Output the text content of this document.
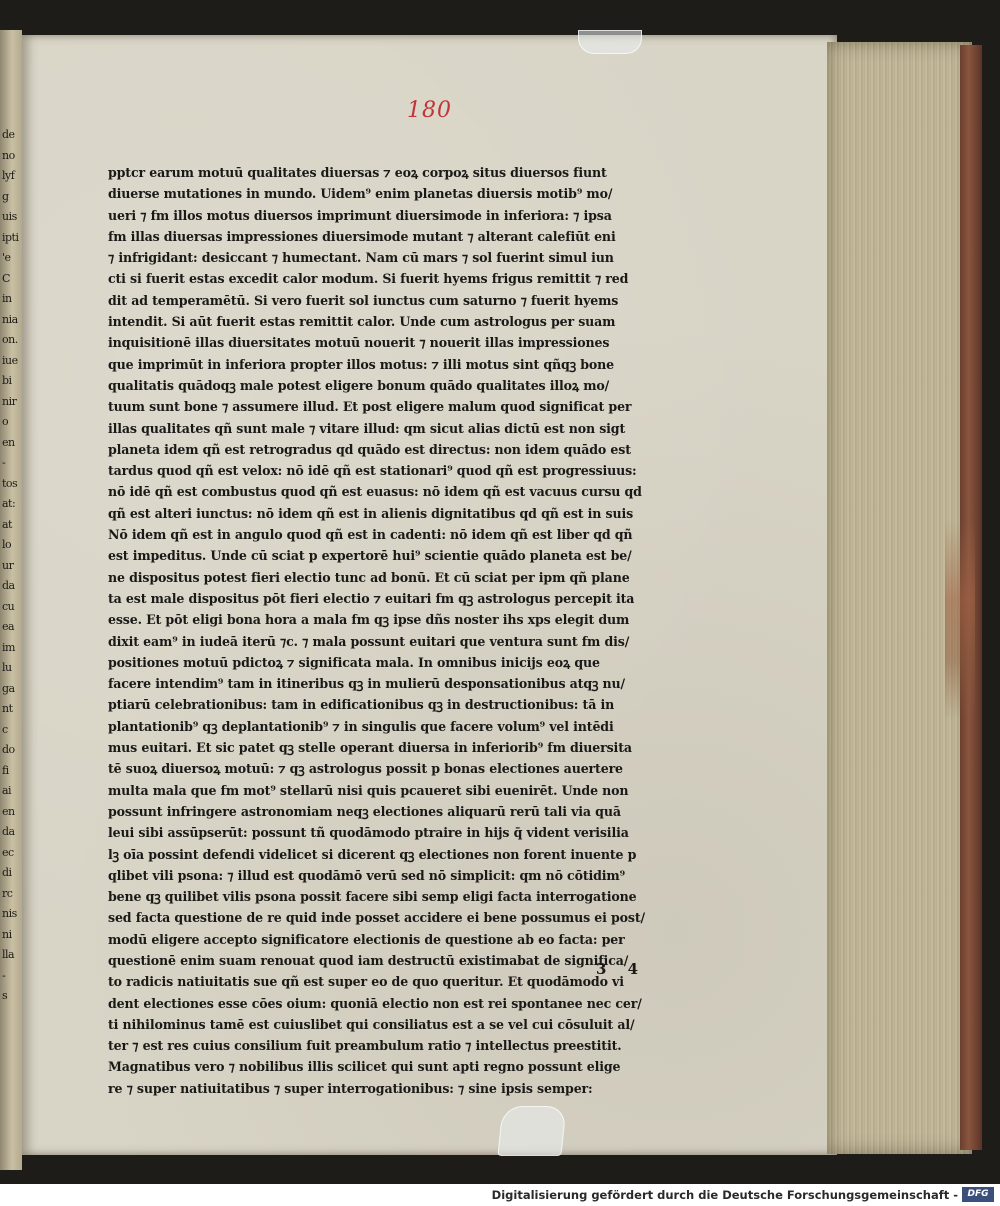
de
no
lyf
g
uis
ipti
'e
C
in
nia
on.
iue
bi
nir
o
en
-
tos
at:
at
lo
ur
da
cu
ea
im
lu
ga
nt
c
do
fi
ai
en
da
ec
di
rc
nis
ni
lla
-
s
180
pptcr earum motuū qualitates diuersas ⁊ eoꝝ corpoꝝ situs diuersos fiunt
diuerse mutationes in mundo. Uidem⁹ enim planetas diuersis motib⁹ mo/
ueri ⁊ fm illos motus diuersos imprimunt diuersimode in inferiora: ⁊ ipsa
fm illas diuersas impressiones diuersimode mutant ⁊ alterant calefiūt eni
⁊ infrigidant: desiccant ⁊ humectant. Nam cū mars ⁊ sol fuerint simul iun
cti si fuerit estas excedit calor modum. Si fuerit hyems frigus remittit ⁊ red
dit ad temperamētū. Si vero fuerit sol iunctus cum saturno ⁊ fuerit hyems
intendit. Si aūt fuerit estas remittit calor. Unde cum astrologus per suam
inquisitionē illas diuersitates motuū nouerit ⁊ nouerit illas impressiones
que imprimūt in inferiora propter illos motus: ⁊ illi motus sint qñqꝫ bone
qualitatis quādoqꝫ male potest eligere bonum quādo qualitates illoꝝ mo/
tuum sunt bone ⁊ assumere illud. Et post eligere malum quod significat per
illas qualitates qñ sunt male ⁊ vitare illud: qm sicut alias dictū est non sigt
planeta idem qñ est retrogradus qd quādo est directus: non idem quādo est
tardus quod qñ est velox: nō idē qñ est stationari⁹ quod qñ est progressiuus:
nō idē qñ est combustus quod qñ est euasus: nō idem qñ est vacuus cursu qd
qñ est alteri iunctus: nō idem qñ est in alienis dignitatibus qd qñ est in suis
Nō idem qñ est in angulo quod qñ est in cadenti: nō idem qñ est liber qd qñ
est impeditus. Unde cū sciat p expertorē hui⁹ scientie quādo planeta est be/
ne dispositus potest fieri electio tunc ad bonū. Et cū sciat per ipm qñ plane
ta est male dispositus pōt fieri electio ⁊ euitari fm qꝫ astrologus percepit ita
esse. Et pōt eligi bona hora a mala fm qꝫ ipse dñs noster ihs xps elegit dum
dixit eam⁹ in iudeā iterū ⁊c. ⁊ mala possunt euitari que ventura sunt fm dis/
positiones motuū pdictoꝝ ⁊ significata mala. In omnibus inicijs eoꝝ que
facere intendim⁹ tam in itineribus qꝫ in mulierū desponsationibus atqꝫ nu/
ptiarū celebrationibus: tam in edificationibus qꝫ in destructionibus: tā in
plantationib⁹ qꝫ deplantationib⁹ ⁊ in singulis que facere volum⁹ vel intēdi
mus euitari. Et sic patet qꝫ stelle operant diuersa in inferiorib⁹ fm diuersita
tē suoꝝ diuersoꝝ motuū: ⁊ qꝫ astrologus possit p bonas electiones auertere
multa mala que fm mot⁹ stellarū nisi quis pcaueret sibi euenirēt. Unde non
possunt infringere astronomiam neqꝫ electiones aliquarū rerū tali via quā
leui sibi assūpserūt: possunt tñ quodāmodo ptraire in hijs q̄ vident verisilia
lꝫ oīa possint defendi videlicet si dicerent qꝫ electiones non forent inuente p
qlibet vili psona: ⁊ illud est quodāmō verū sed nō simplicit: qm nō cōtidim⁹
bene qꝫ quilibet vilis psona possit facere sibi semp eligi facta interrogatione
sed facta questione de re quid inde posset accidere ei bene possumus ei post/
modū eligere accepto significatore electionis de questione ab eo facta: per
questionē enim suam renouat quod iam destructū existimabat de significa/
to radicis natiuitatis sue qñ est super eo de quo queritur. Et quodāmodo vi
dent electiones esse cōes oium: quoniā electio non est rei spontanee nec cer/
ti nihilominus tamē est cuiuslibet qui consiliatus est a se vel cui cōsuluit al/
ter ⁊ est res cuius consilium fuit preambulum ratio ⁊ intellectus preestitit.
Magnatibus vero ⁊ nobilibus illis scilicet qui sunt apti regno possunt elige
re ⁊ super natiuitatibus ⁊ super interrogationibus: ⁊ sine ipsis semper:
3 4
Digitalisierung gefördert durch die Deutsche Forschungsgemeinschaft -	DFG
